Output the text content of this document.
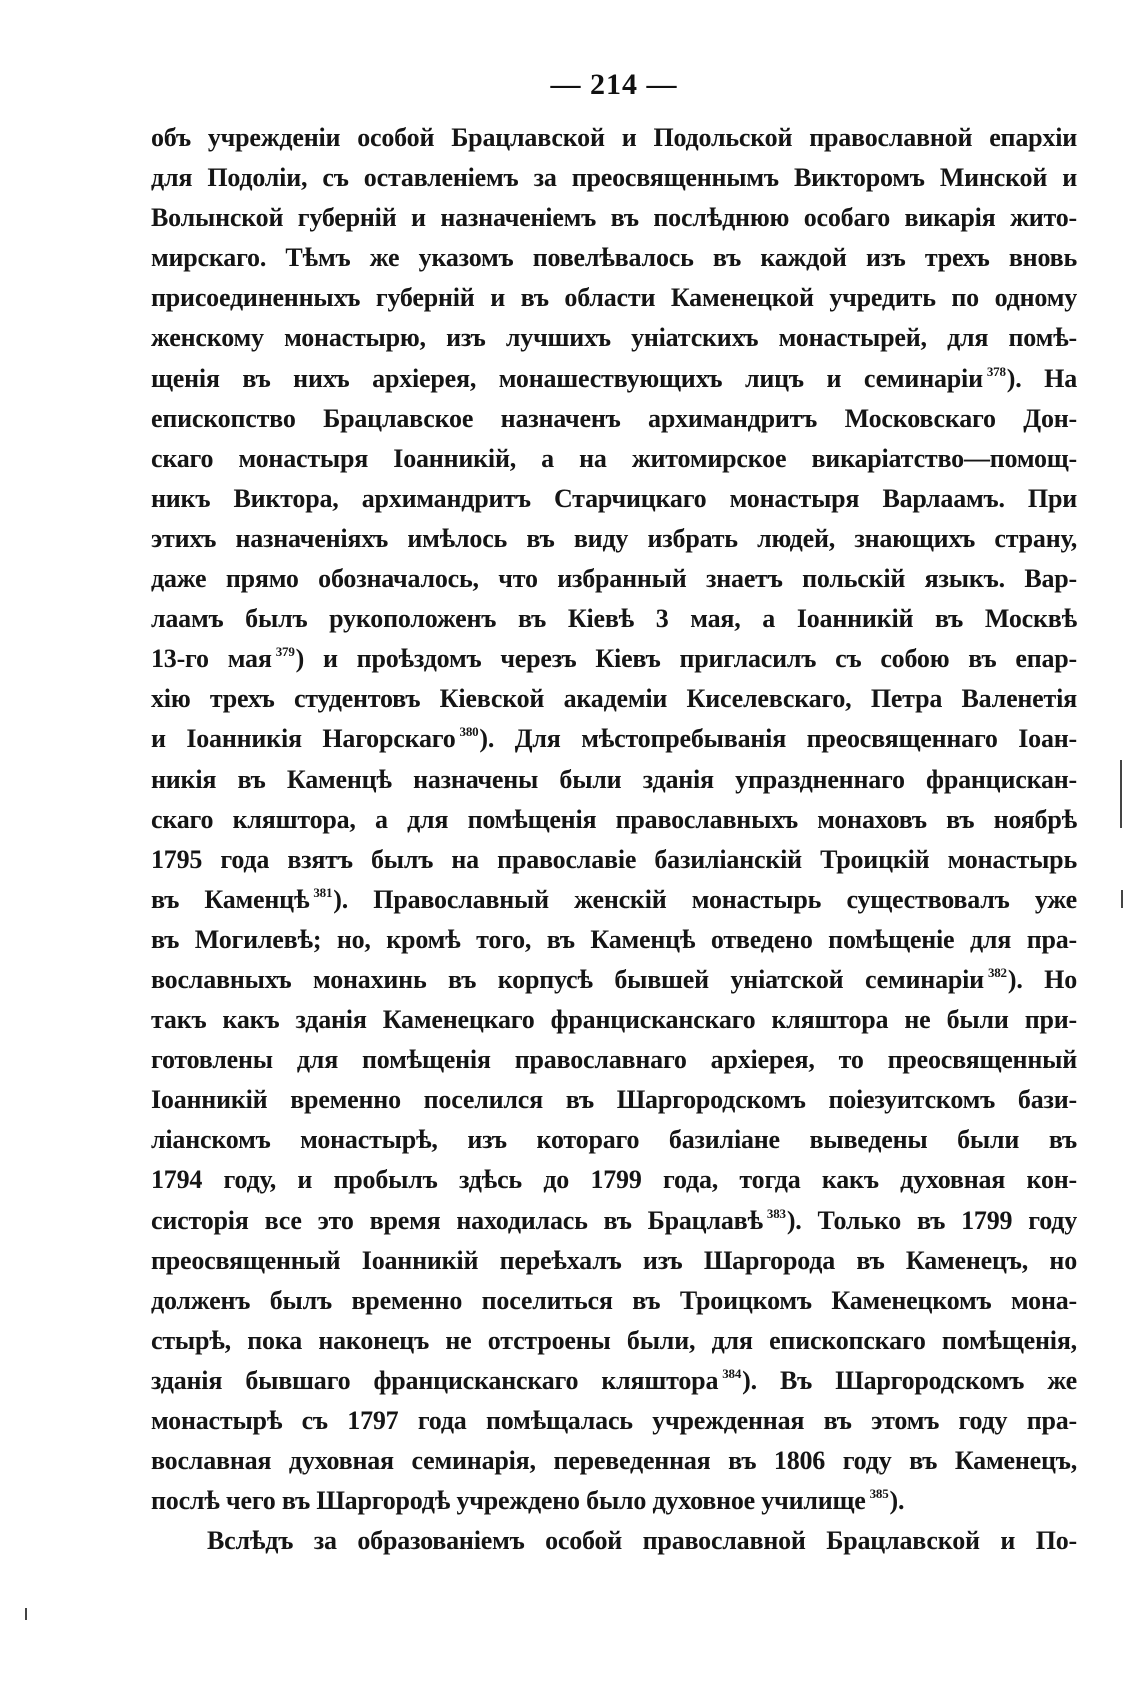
— 214 —
объ учрежденіи особой Брацлавской и Подольской православной епархіи
для Подоліи, съ оставленіемъ за преосвященнымъ Викторомъ Минской и
Волынской губерній и назначеніемъ въ послѣднюю особаго викарія жито-
мирскаго. Тѣмъ же указомъ повелѣвалось въ каждой изъ трехъ вновь
присоединенныхъ губерній и въ области Каменецкой учредить по одному
женскому монастырю, изъ лучшихъ уніатскихъ монастырей, для помѣ-
щенія въ нихъ архіерея, монашествующихъ лицъ и семинаріи $^{378}$). На
епископство Брацлавское назначенъ архимандритъ Московскаго Дон-
скаго монастыря Іоанникій, а на житомирское викаріатство—помощ-
никъ Виктора, архимандритъ Старчицкаго монастыря Варлаамъ. При
этихъ назначеніяхъ имѣлось въ виду избрать людей, знающихъ страну,
даже прямо обозначалось, что избранный знаетъ польскій языкъ. Вар-
лаамъ былъ рукоположенъ въ Кіевѣ 3 мая, а Іоанникій въ Москвѣ
13-го мая $^{379}$) и проѣздомъ черезъ Кіевъ пригласилъ съ собою въ епар-
хію трехъ студентовъ Кіевской академіи Киселевскаго, Петра Валенетія
и Іоанникія Нагорскаго $^{380}$). Для мѣстопребыванія преосвященнаго Іоан-
никія въ Каменцѣ назначены были зданія упраздненнаго францискан-
скаго кляштора, а для помѣщенія православныхъ монаховъ въ ноябрѣ
1795 года взятъ былъ на православіе базиліанскій Троицкій монастырь
въ Каменцѣ $^{381}$). Православный женскій монастырь существовалъ уже
въ Могилевѣ; но, кромѣ того, въ Каменцѣ отведено помѣщеніе для пра-
вославныхъ монахинь въ корпусѣ бывшей уніатской семинаріи $^{382}$). Но
такъ какъ зданія Каменецкаго францисканскаго кляштора не были при-
готовлены для помѣщенія православнаго архіерея, то преосвященный
Іоанникій временно поселился въ Шаргородскомъ поіезуитскомъ бази-
ліанскомъ монастырѣ, изъ котораго базиліане выведены были въ
1794 году, и пробылъ здѣсь до 1799 года, тогда какъ духовная кон-
систорія все это время находилась въ Брацлавѣ $^{383}$). Только въ 1799 году
преосвященный Іоанникій переѣхалъ изъ Шаргорода въ Каменецъ, но
долженъ былъ временно поселиться въ Троицкомъ Каменецкомъ мона-
стырѣ, пока наконецъ не отстроены были, для епископскаго помѣщенія,
зданія бывшаго францисканскаго кляштора $^{384}$). Въ Шаргородскомъ же
монастырѣ съ 1797 года помѣщалась учрежденная въ этомъ году пра-
вославная духовная семинарія, переведенная въ 1806 году въ Каменецъ,
послѣ чего въ Шаргородѣ учреждено было духовное училище $^{385}$).
Вслѣдъ за образованіемъ особой православной Брацлавской и По-
